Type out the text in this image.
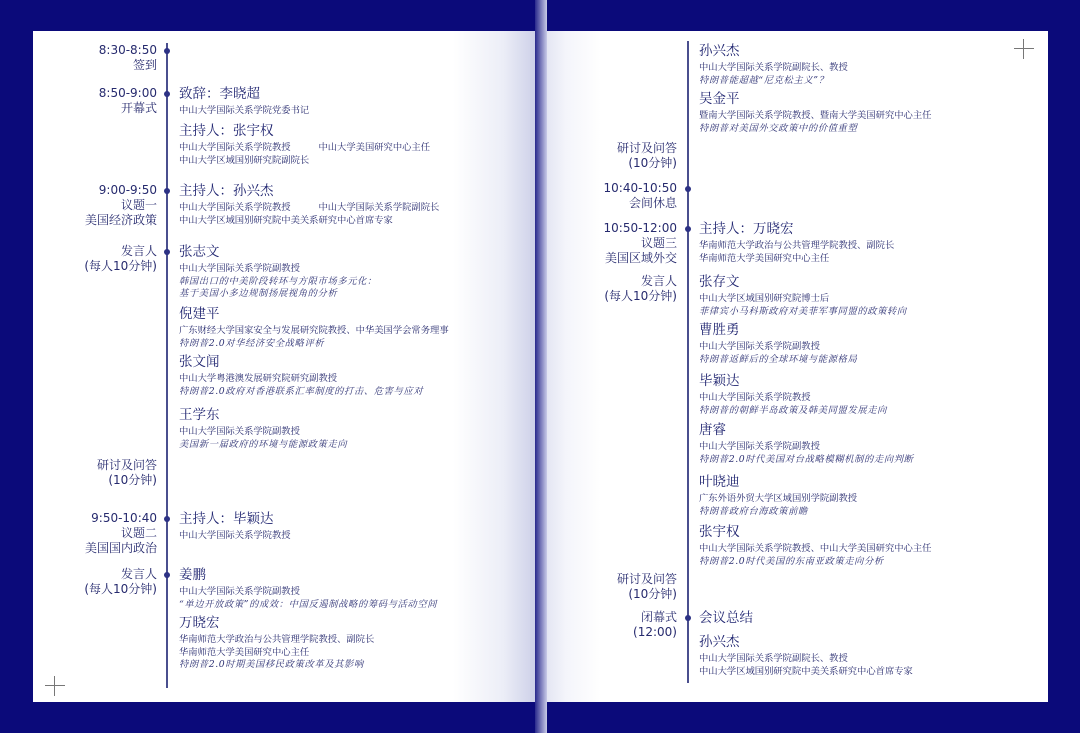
8:30-8:50
签到
8:50-9:00
开幕式
9:00-9:50
议题一
美国经济政策
发言人
(每人10分钟)
研讨及问答
(10分钟)
9:50-10:40
议题二
美国国内政治
发言人
(每人10分钟)
致辞：李晓超
中山大学国际关系学院党委书记
主持人：张宇权
中山大学国际关系学院教授　　　中山大学美国研究中心主任
中山大学区域国别研究院副院长
主持人：孙兴杰
中山大学国际关系学院教授　　　中山大学国际关系学院副院长
中山大学区域国别研究院中美关系研究中心首席专家
张志文
中山大学国际关系学院副教授
韩国出口的中美阶段转环与方限市场多元化：
基于美国小多边规制扬展视角的分析
倪建平
广东财经大学国家安全与发展研究院教授、中华美国学会常务理事
特朗普2.0对华经济安全战略评析
张文闻
中山大学粤港澳发展研究院研究副教授
特朗普2.0政府对香港联系汇率制度的打击、危害与应对
王学东
中山大学国际关系学院副教授
美国新一届政府的环境与能源政策走向
主持人：毕颖达
中山大学国际关系学院教授
姜鹏
中山大学国际关系学院副教授
“单边开放政策”的成效：中国反遏制战略的筹码与活动空间
万晓宏
华南师范大学政治与公共管理学院教授、副院长
华南师范大学美国研究中心主任
特朗普2.0时期美国移民政策改革及其影响
研讨及问答
(10分钟)
10:40-10:50
会间休息
10:50-12:00
议题三
美国区域外交
发言人
(每人10分钟)
研讨及问答
(10分钟)
闭幕式
(12:00)
孙兴杰
中山大学国际关系学院副院长、教授
特朗普能超越“尼克松主义”？
吴金平
暨南大学国际关系学院教授、暨南大学美国研究中心主任
特朗普对美国外交政策中的价值重塑
主持人：万晓宏
华南师范大学政治与公共管理学院教授、副院长
华南师范大学美国研究中心主任
张存文
中山大学区域国别研究院博士后
菲律宾小马科斯政府对美菲军事同盟的政策转向
曹胜勇
中山大学国际关系学院副教授
特朗普返鲜后的全球环境与能源格局
毕颖达
中山大学国际关系学院教授
特朗普的朝鲜半岛政策及韩美同盟发展走向
唐睿
中山大学国际关系学院副教授
特朗普2.0时代美国对台战略模糊机制的走向判断
叶晓迪
广东外语外贸大学区域国别学院副教授
特朗普政府台海政策前瞻
张宇权
中山大学国际关系学院教授、中山大学美国研究中心主任
特朗普2.0时代美国的东南亚政策走向分析
会议总结
孙兴杰
中山大学国际关系学院副院长、教授
中山大学区域国别研究院中美关系研究中心首席专家
